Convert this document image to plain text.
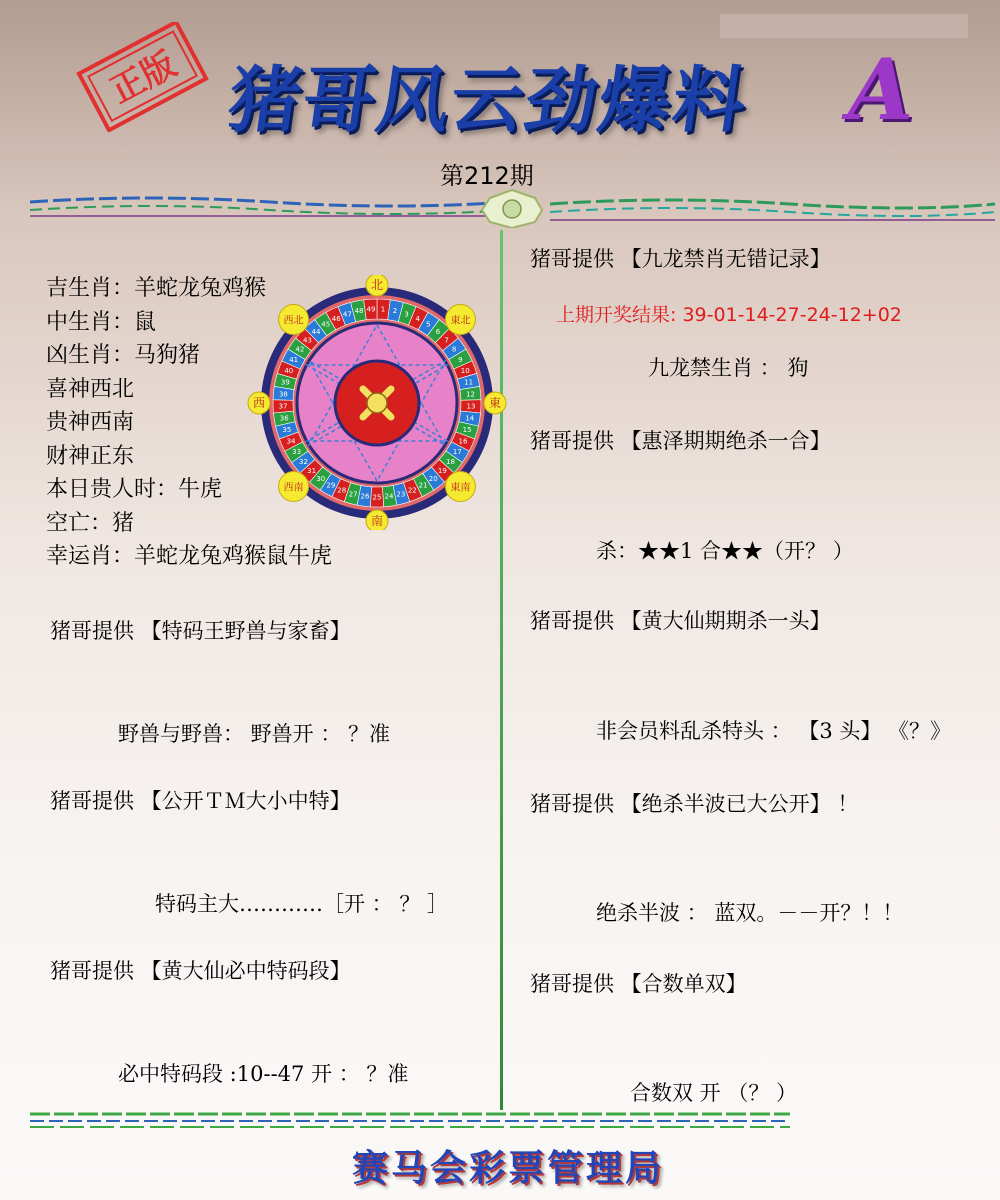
正版 猪哥风云劲爆料 A
第212期
吉生肖：羊蛇龙兔鸡猴
中生肖：鼠
凶生肖：马狗猪
喜神西北
贵神西南
财神正东
本日贵人时：牛虎
空亡：猪
幸运肖：羊蛇龙兔鸡猴鼠牛虎
1 2 3
4
5
6
7
8
9
10
11
12
13
14
15
16
17
18
19
20
21
22
23
24
25
26
27
28
29
30
31
32
33
34
35
36
37
38
39
40
41
42
43
44
45
46
47 48 49
北
東北
東
東南
南
西南
西
西北
猪哥提供 【特码王野兽与家畜】
野兽与野兽： 野兽开 ： ？准
猪哥提供 【公开ＴＭ大小中特】
特码主大…………［开 ： ？ ］
猪哥提供 【黄大仙必中特码段】
必中特码段 :10--47 开 ： ？准
猪哥提供 【九龙禁肖无错记录】
上期开奖结果: 39-01-14-27-24-12+02
九龙禁生肖 ： 狗
猪哥提供 【惠泽期期绝杀一合】
杀：★★1 合★★（开？ ）
猪哥提供 【黄大仙期期杀一头】
非会员料乱杀特头 ： 【3 头】 《？》
猪哥提供 【绝杀半波已大公开】 ！
绝杀半波 ： 蓝双。－－开？！！
猪哥提供 【合数单双】
合数双 开 （？ ）
赛马会彩票管理局
